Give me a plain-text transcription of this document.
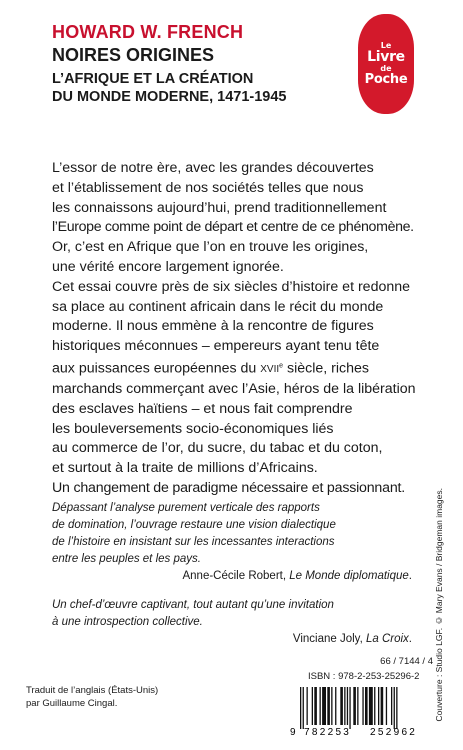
HOWARD W. FRENCH
NOIRES ORIGINES
L’AFRIQUE ET LA CRÉATION
DU MONDE MODERNE, 1471-1945
Le
Livre
de
Poche

L’essor de notre ère, avec les grandes découvertes

et l’établissement de nos sociétés telles que nous

les connaissons aujourd’hui, prend traditionnellement

l’Europe comme point de départ et centre de ce phénomène.

Or, c’est en Afrique que l’on en trouve les origines,

une vérité encore largement ignorée.

Cet essai couvre près de six siècles d’histoire et redonne

sa place au continent africain dans le récit du monde

moderne. Il nous emmène à la rencontre de figures

historiques méconnues – empereurs ayant tenu tête

aux puissances européennes du XVIIe siècle, riches

marchands commerçant avec l’Asie, héros de la libération

des esclaves haïtiens – et nous fait comprendre

les bouleversements socio-économiques liés

au commerce de l’or, du sucre, du tabac et du coton,

et surtout à la traite de millions d’Africains.

Un changement de paradigme nécessaire et passionnant.

Dépassant l’analyse purement verticale des rapports

de domination, l’ouvrage restaure une vision dialectique

de l’histoire en insistant sur les incessantes interactions

entre les peuples et les pays.

Anne-Cécile Robert, Le Monde diplomatique.

Un chef-d’œuvre captivant, tout autant qu’une invitation

à une introspection collective.

Vinciane Joly, La Croix.	Couverture : Studio LGF. © Mary Evans / Bridgeman images.
66 / 7144 / 4
ISBN : 978-2-253-25296-2
Traduit de l’anglais (États-Unis)
par Guillaume Cingal.
9 782253 252962
